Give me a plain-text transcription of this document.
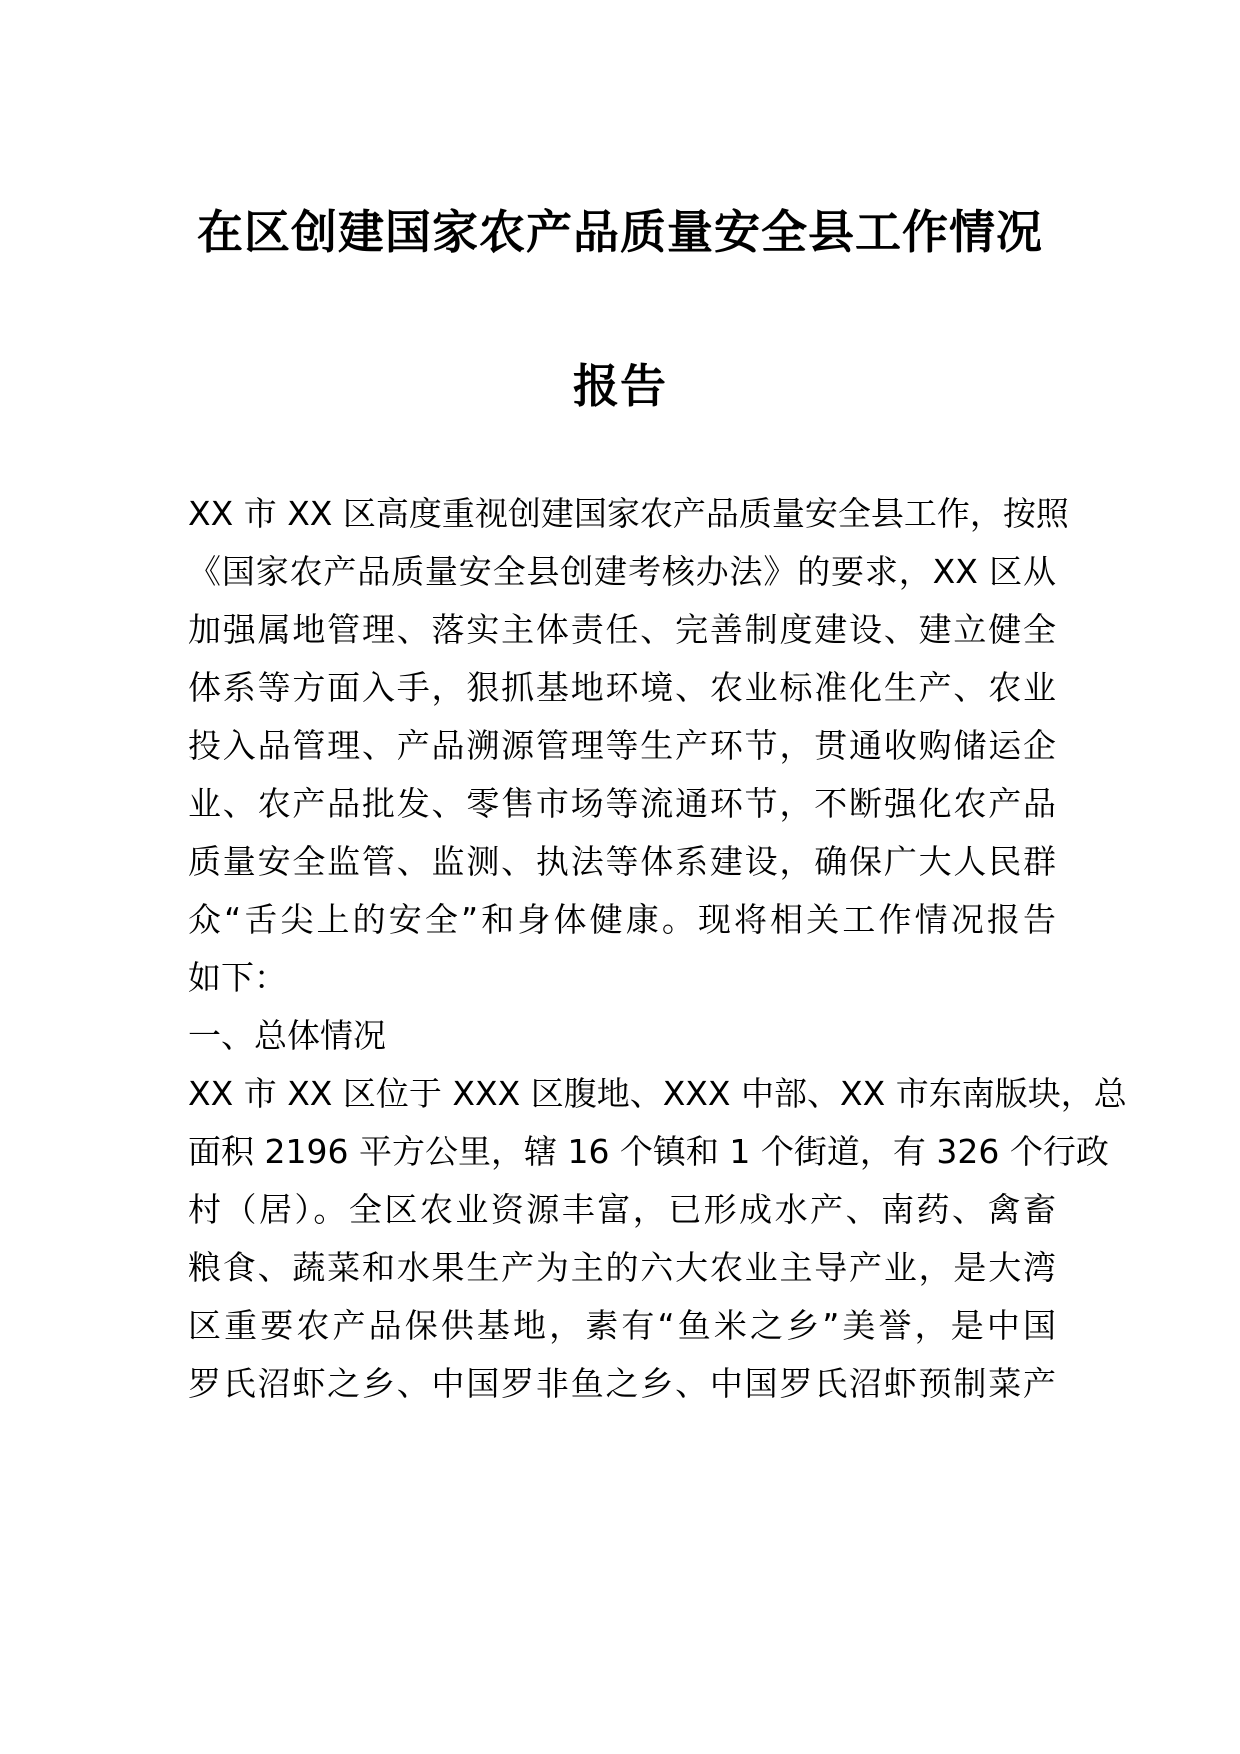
在区创建国家农产品质量安全县工作情况
报告
XX 市 XX 区高度重视创建国家农产品质量安全县工作，按照
《国家农产品质量安全县创建考核办法》的要求，XX 区从
加强属地管理、落实主体责任、完善制度建设、建立健全
体系等方面入手，狠抓基地环境、农业标准化生产、农业
投入品管理、产品溯源管理等生产环节，贯通收购储运企
业、农产品批发、零售市场等流通环节，不断强化农产品
质量安全监管、监测、执法等体系建设，确保广大人民群
众“舌尖上的安全”和身体健康。现将相关工作情况报告
如下：
一、总体情况
XX 市 XX 区位于 XXX 区腹地、XXX 中部、XX 市东南版块，总
面积 2196 平方公里，辖 16 个镇和 1 个街道，有 326 个行政
村（居）。全区农业资源丰富，已形成水产、南药、禽畜
粮食、蔬菜和水果生产为主的六大农业主导产业，是大湾
区重要农产品保供基地，素有“鱼米之乡”美誉，是中国
罗氏沼虾之乡、中国罗非鱼之乡、中国罗氏沼虾预制菜产
